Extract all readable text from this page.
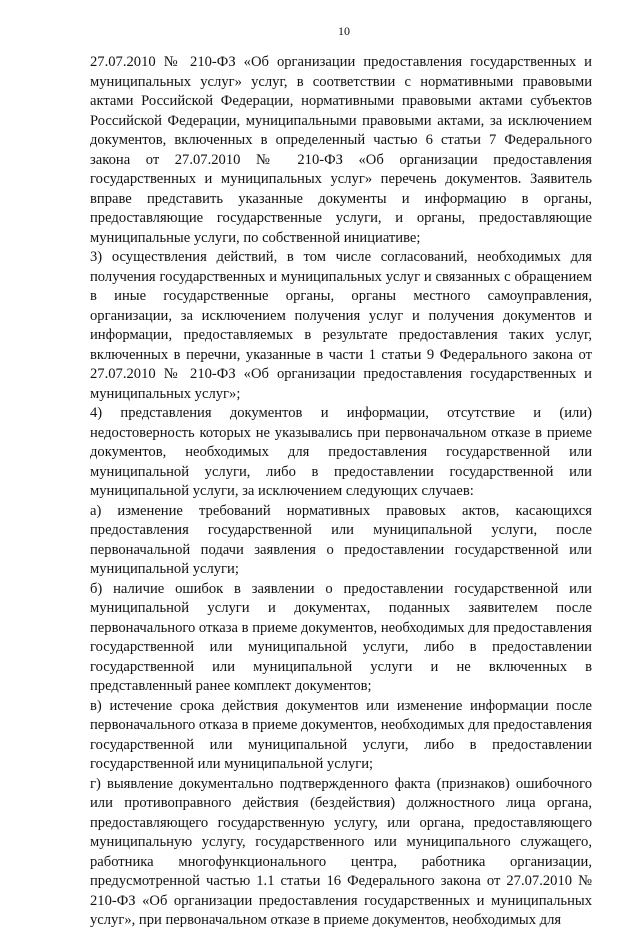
10

27.07.2010 № 210-ФЗ «Об организации предоставления государственных и муниципальных услуг» услуг, в соответствии с нормативными правовыми актами Российской Федерации, нормативными правовыми актами субъектов Российской Федерации, муниципальными правовыми актами, за исключением документов, включенных в определенный частью 6 статьи 7 Федерального закона от 27.07.2010 № 210-ФЗ «Об организации предоставления государственных и муниципальных услуг» перечень документов. Заявитель вправе представить указанные документы и информацию в органы, предоставляющие государственные услуги, и органы, предоставляющие муниципальные услуги, по собственной инициативе;

3) осуществления действий, в том числе согласований, необходимых для получения государственных и муниципальных услуг и связанных с обращением в иные государственные органы, органы местного самоуправления, организации, за исключением получения услуг и получения документов и информации, предоставляемых в результате предоставления таких услуг, включенных в перечни, указанные в части 1 статьи 9 Федерального закона от 27.07.2010 № 210-ФЗ «Об организации предоставления государственных и муниципальных услуг»;

4) представления документов и информации, отсутствие и (или) недостоверность которых не указывались при первоначальном отказе в приеме документов, необходимых для предоставления государственной или муниципальной услуги, либо в предоставлении государственной или муниципальной услуги, за исключением следующих случаев:

а) изменение требований нормативных правовых актов, касающихся предоставления государственной или муниципальной услуги, после первоначальной подачи заявления о предоставлении государственной или муниципальной услуги;

б) наличие ошибок в заявлении о предоставлении государственной или муниципальной услуги и документах, поданных заявителем после первоначального отказа в приеме документов, необходимых для предоставления государственной или муниципальной услуги, либо в предоставлении государственной или муниципальной услуги и не включенных в представленный ранее комплект документов;

в) истечение срока действия документов или изменение информации после первоначального отказа в приеме документов, необходимых для предоставления государственной или муниципальной услуги, либо в предоставлении государственной или муниципальной услуги;

г) выявление документально подтвержденного факта (признаков) ошибочного или противоправного действия (бездействия) должностного лица органа, предоставляющего государственную услугу, или органа, предоставляющего муниципальную услугу, государственного или муниципального служащего, работника многофункционального центра, работника организации, предусмотренной частью 1.1 статьи 16 Федерального закона от 27.07.2010 № 210-ФЗ «Об организации предоставления государственных и муниципальных услуг», при первоначальном отказе в приеме документов, необходимых для
